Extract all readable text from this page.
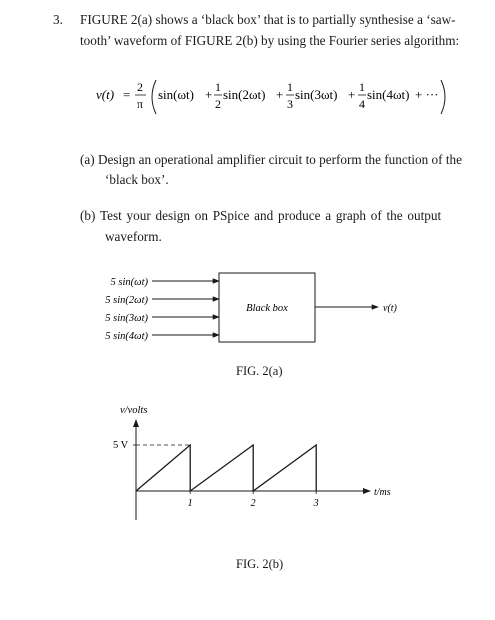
3. FIGURE 2(a) shows a ‘black box’ that is to partially synthesise a ‘saw-
tooth’ waveform of FIGURE 2(b) by using the Fourier series algorithm:
v(t) = 2
π
sin(ωt) + 1
2
sin(2ωt) + 1
3
sin(3ωt) + 1
4
sin(4ωt) + ···
(a) Design an operational amplifier circuit to perform the function of the
‘black box’.
(b) Test your design on PSpice and produce a graph of the output
waveform.
5 sin(ωt)
5 sin(2ωt)
5 sin(3ωt)
5 sin(4ωt)
Black box	v(t)
FIG. 2(a)
v/volts
t/ms
5 V
1	2	3
FIG. 2(b)
